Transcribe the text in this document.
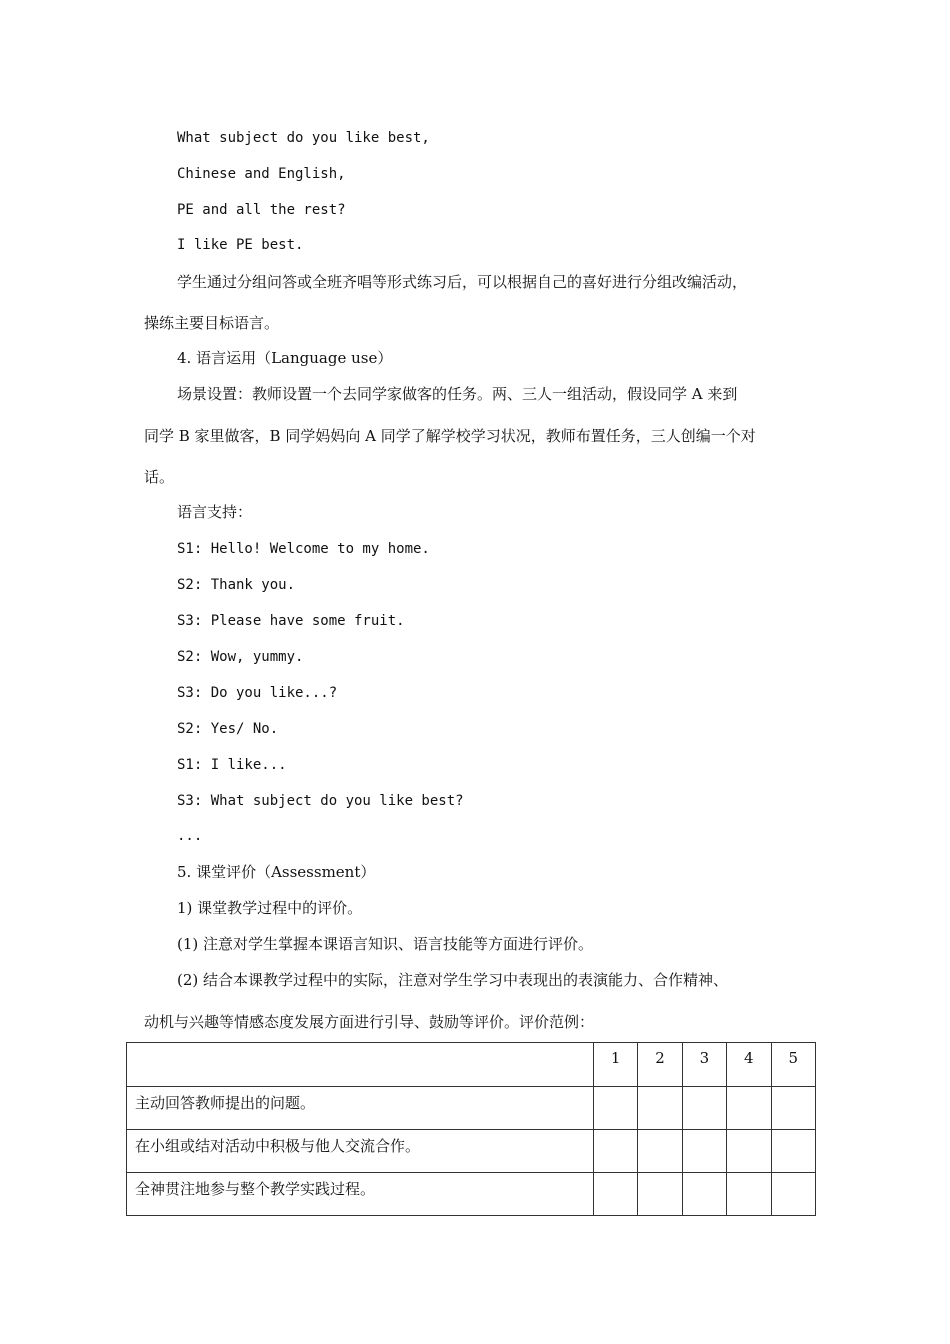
What subject do you like best,
Chinese and English,
PE and all the rest?
I like PE best.
学生通过分组问答或全班齐唱等形式练习后，可以根据自己的喜好进行分组改编活动，
操练主要目标语言。
4. 语言运用（Language use）
场景设置：教师设置一个去同学家做客的任务。两、三人一组活动，假设同学 A 来到
同学 B 家里做客，B 同学妈妈向 A 同学了解学校学习状况，教师布置任务，三人创编一个对
话。
语言支持：
S1: Hello! Welcome to my home.
S2: Thank you.
S3: Please have some fruit.
S2: Wow, yummy.
S3: Do you like...?
S2: Yes/ No.
S1: I like...
S3: What subject do you like best?
...
5. 课堂评价（Assessment）
1) 课堂教学过程中的评价。
(1) 注意对学生掌握本课语言知识、语言技能等方面进行评价。
(2) 结合本课教学过程中的实际，注意对学生学习中表现出的表演能力、合作精神、
动机与兴趣等情感态度发展方面进行引导、鼓励等评价。评价范例：
	1	2	3	4	5
主动回答教师提出的问题。					
在小组或结对活动中积极与他人交流合作。					
全神贯注地参与整个教学实践过程。					
